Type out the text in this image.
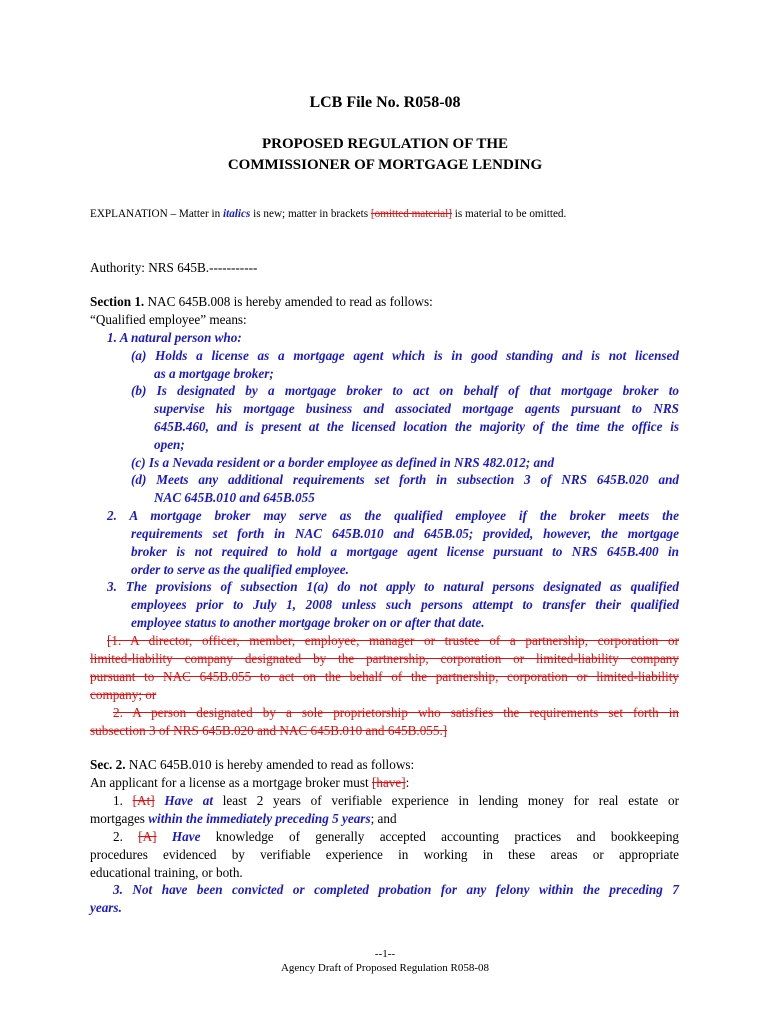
LCB File No. R058-08
PROPOSED REGULATION OF THE
COMMISSIONER OF MORTGAGE LENDING
EXPLANATION – Matter in italics is new; matter in brackets [omitted material] is material to be omitted.
Authority: NRS 645B.-----------
Section 1. NAC 645B.008 is hereby amended to read as follows:
“Qualified employee” means:
1. A natural person who:
(a) Holds a license as a mortgage agent which is in good standing and is not licensed
as a mortgage broker;
(b) Is designated by a mortgage broker to act on behalf of that mortgage broker to
supervise his mortgage business and associated mortgage agents pursuant to NRS
645B.460, and is present at the licensed location the majority of the time the office is
open;
(c) Is a Nevada resident or a border employee as defined in NRS 482.012; and
(d) Meets any additional requirements set forth in subsection 3 of NRS 645B.020 and
NAC 645B.010 and 645B.055
2. A mortgage broker may serve as the qualified employee if the broker meets the
requirements set forth in NAC 645B.010 and 645B.05; provided, however, the mortgage
broker is not required to hold a mortgage agent license pursuant to NRS 645B.400 in
order to serve as the qualified employee.
3. The provisions of subsection 1(a) do not apply to natural persons designated as qualified
employees prior to July 1, 2008 unless such persons attempt to transfer their qualified
employee status to another mortgage broker on or after that date.
[1. A director, officer, member, employee, manager or trustee of a partnership, corporation or
limited-liability company designated by the partnership, corporation or limited-liability company
pursuant to NAC 645B.055 to act on the behalf of the partnership, corporation or limited-liability
company; or
2. A person designated by a sole proprietorship who satisfies the requirements set forth in
subsection 3 of NRS 645B.020 and NAC 645B.010 and 645B.055.]
Sec. 2. NAC 645B.010 is hereby amended to read as follows:
An applicant for a license as a mortgage broker must [have]:
1. [At] Have at least 2 years of verifiable experience in lending money for real estate or
mortgages within the immediately preceding 5 years; and
2. [A] Have knowledge of generally accepted accounting practices and bookkeeping
procedures evidenced by verifiable experience in working in these areas or appropriate
educational training, or both.
3. Not have been convicted or completed probation for any felony within the preceding 7
years.
--1--
Agency Draft of Proposed Regulation R058-08
